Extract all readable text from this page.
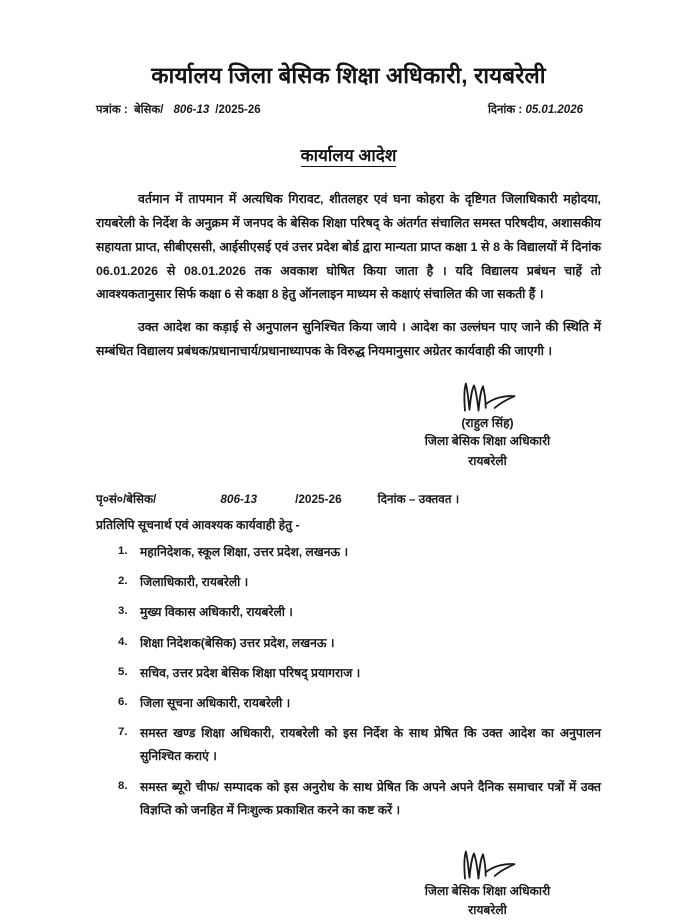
कार्यालय जिला बेसिक शिक्षा अधिकारी, रायबरेली
पत्रांक :  बेसिक/ 806-13 /2025-26	दिनांक : 05.01.2026
कार्यालय आदेश

वर्तमान में तापमान में अत्यधिक गिरावट, शीतलहर एवं घना कोहरा के दृष्टिगत जिलाधिकारी महोदया, रायबरेली के निर्देश के अनुक्रम में जनपद के बेसिक शिक्षा परिषद् के अंतर्गत संचालित समस्त परिषदीय, अशासकीय सहायता प्राप्त, सीबीएससी, आईसीएसई एवं उत्तर प्रदेश बोर्ड द्वारा मान्यता प्राप्त कक्षा 1 से 8 के विद्यालयों में दिनांक 06.01.2026 से 08.01.2026 तक अवकाश घोषित किया जाता है । यदि विद्यालय प्रबंधन चाहें तो आवश्यकतानुसार सिर्फ कक्षा 6 से कक्षा 8 हेतु ऑनलाइन माध्यम से कक्षाएं संचालित की जा सकती हैं ।

उक्त आदेश का कड़ाई से अनुपालन सुनिश्चित किया जाये । आदेश का उल्लंघन पाए जाने की स्थिति में सम्बंधित विद्यालय प्रबंधक/प्रधानाचार्य/प्रधानाध्यापक के विरुद्ध नियमानुसार अग्रेतर कार्यवाही की जाएगी ।

(राहुल सिंह)
जिला बेसिक शिक्षा अधिकारी
रायबरेली
पृ०सं०/बेसिक/	806-13	/2025-26	दिनांक – उक्तवत ।
प्रतिलिपि सूचनार्थ एवं आवश्यक कार्यवाही हेतु -
महानिदेशक, स्कूल शिक्षा, उत्तर प्रदेश, लखनऊ ।
जिलाधिकारी, रायबरेली ।
मुख्य विकास अधिकारी, रायबरेली ।
शिक्षा निदेशक(बेसिक) उत्तर प्रदेश, लखनऊ ।
सचिव, उत्तर प्रदेश बेसिक शिक्षा परिषद् प्रयागराज ।
जिला सूचना अधिकारी, रायबरेली ।
समस्त खण्ड शिक्षा अधिकारी, रायबरेली को इस निर्देश के साथ प्रेषित कि उक्त आदेश का अनुपालन सुनिश्चित कराएं ।
समस्त ब्यूरो चीफ/ सम्पादक को इस अनुरोध के साथ प्रेषित कि अपने अपने दैनिक समाचार पत्रों में उक्त विज्ञप्ति को जनहित में निःशुल्क प्रकाशित करने का कष्ट करें ।
जिला बेसिक शिक्षा अधिकारी
रायबरेली
